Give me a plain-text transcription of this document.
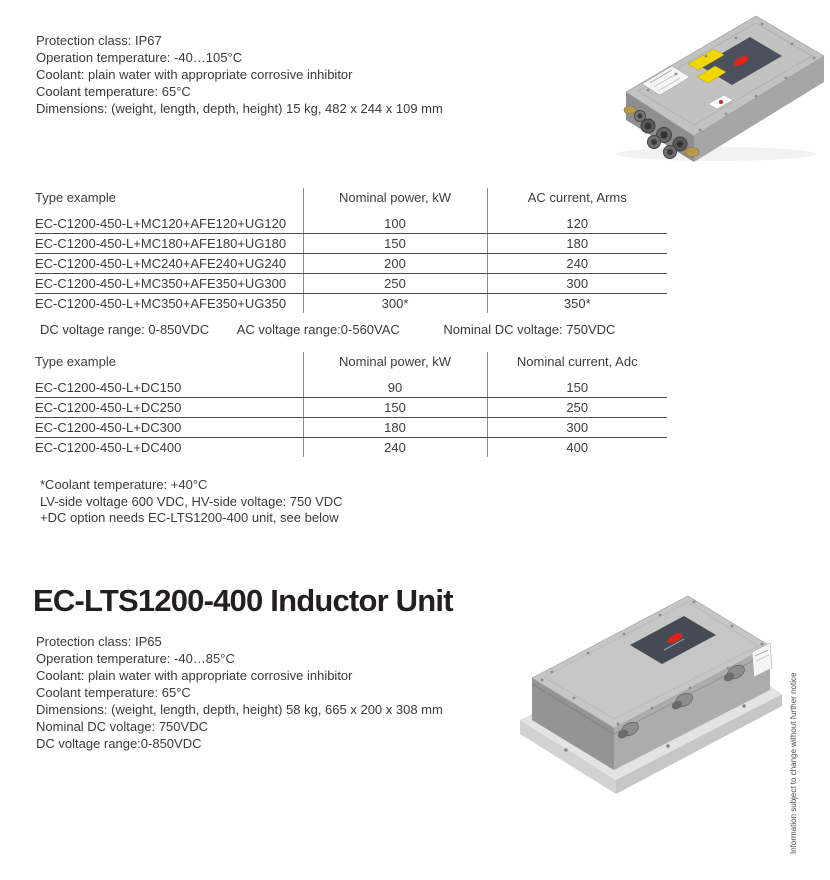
Protection class: IP67
Operation temperature: -40…105°C
Coolant: plain water with appropriate corrosive inhibitor
Coolant temperature: 65°C
Dimensions: (weight, length, depth, height) 15 kg, 482 x 244 x 109 mm
Type example	Nominal power, kW	AC current, Arms
EC-C1200-450-L+MC120+AFE120+UG120	100	120
EC-C1200-450-L+MC180+AFE180+UG180	150	180
EC-C1200-450-L+MC240+AFE240+UG240	200	240
EC-C1200-450-L+MC350+AFE350+UG300	250	300
EC-C1200-450-L+MC350+AFE350+UG350	300*	350*
DC voltage range: 0-850VDC AC voltage range:0-560VAC	Nominal DC voltage: 750VDC
Type example	Nominal power, kW	Nominal current, Adc
EC-C1200-450-L+DC150	90	150
EC-C1200-450-L+DC250	150	250
EC-C1200-450-L+DC300	180	300
EC-C1200-450-L+DC400	240	400
*Coolant temperature: +40°C
LV-side voltage 600 VDC, HV-side voltage: 750 VDC
+DC option needs EC-LTS1200-400 unit, see below
EC-LTS1200-400 Inductor Unit
Protection class: IP65
Operation temperature: -40…85°C
Coolant: plain water with appropriate corrosive inhibitor
Coolant temperature: 65°C
Dimensions: (weight, length, depth, height) 58 kg, 665 x 200 x 308 mm
Nominal DC voltage: 750VDC
DC voltage range:0-850VDC	Information subject to change without further notice
